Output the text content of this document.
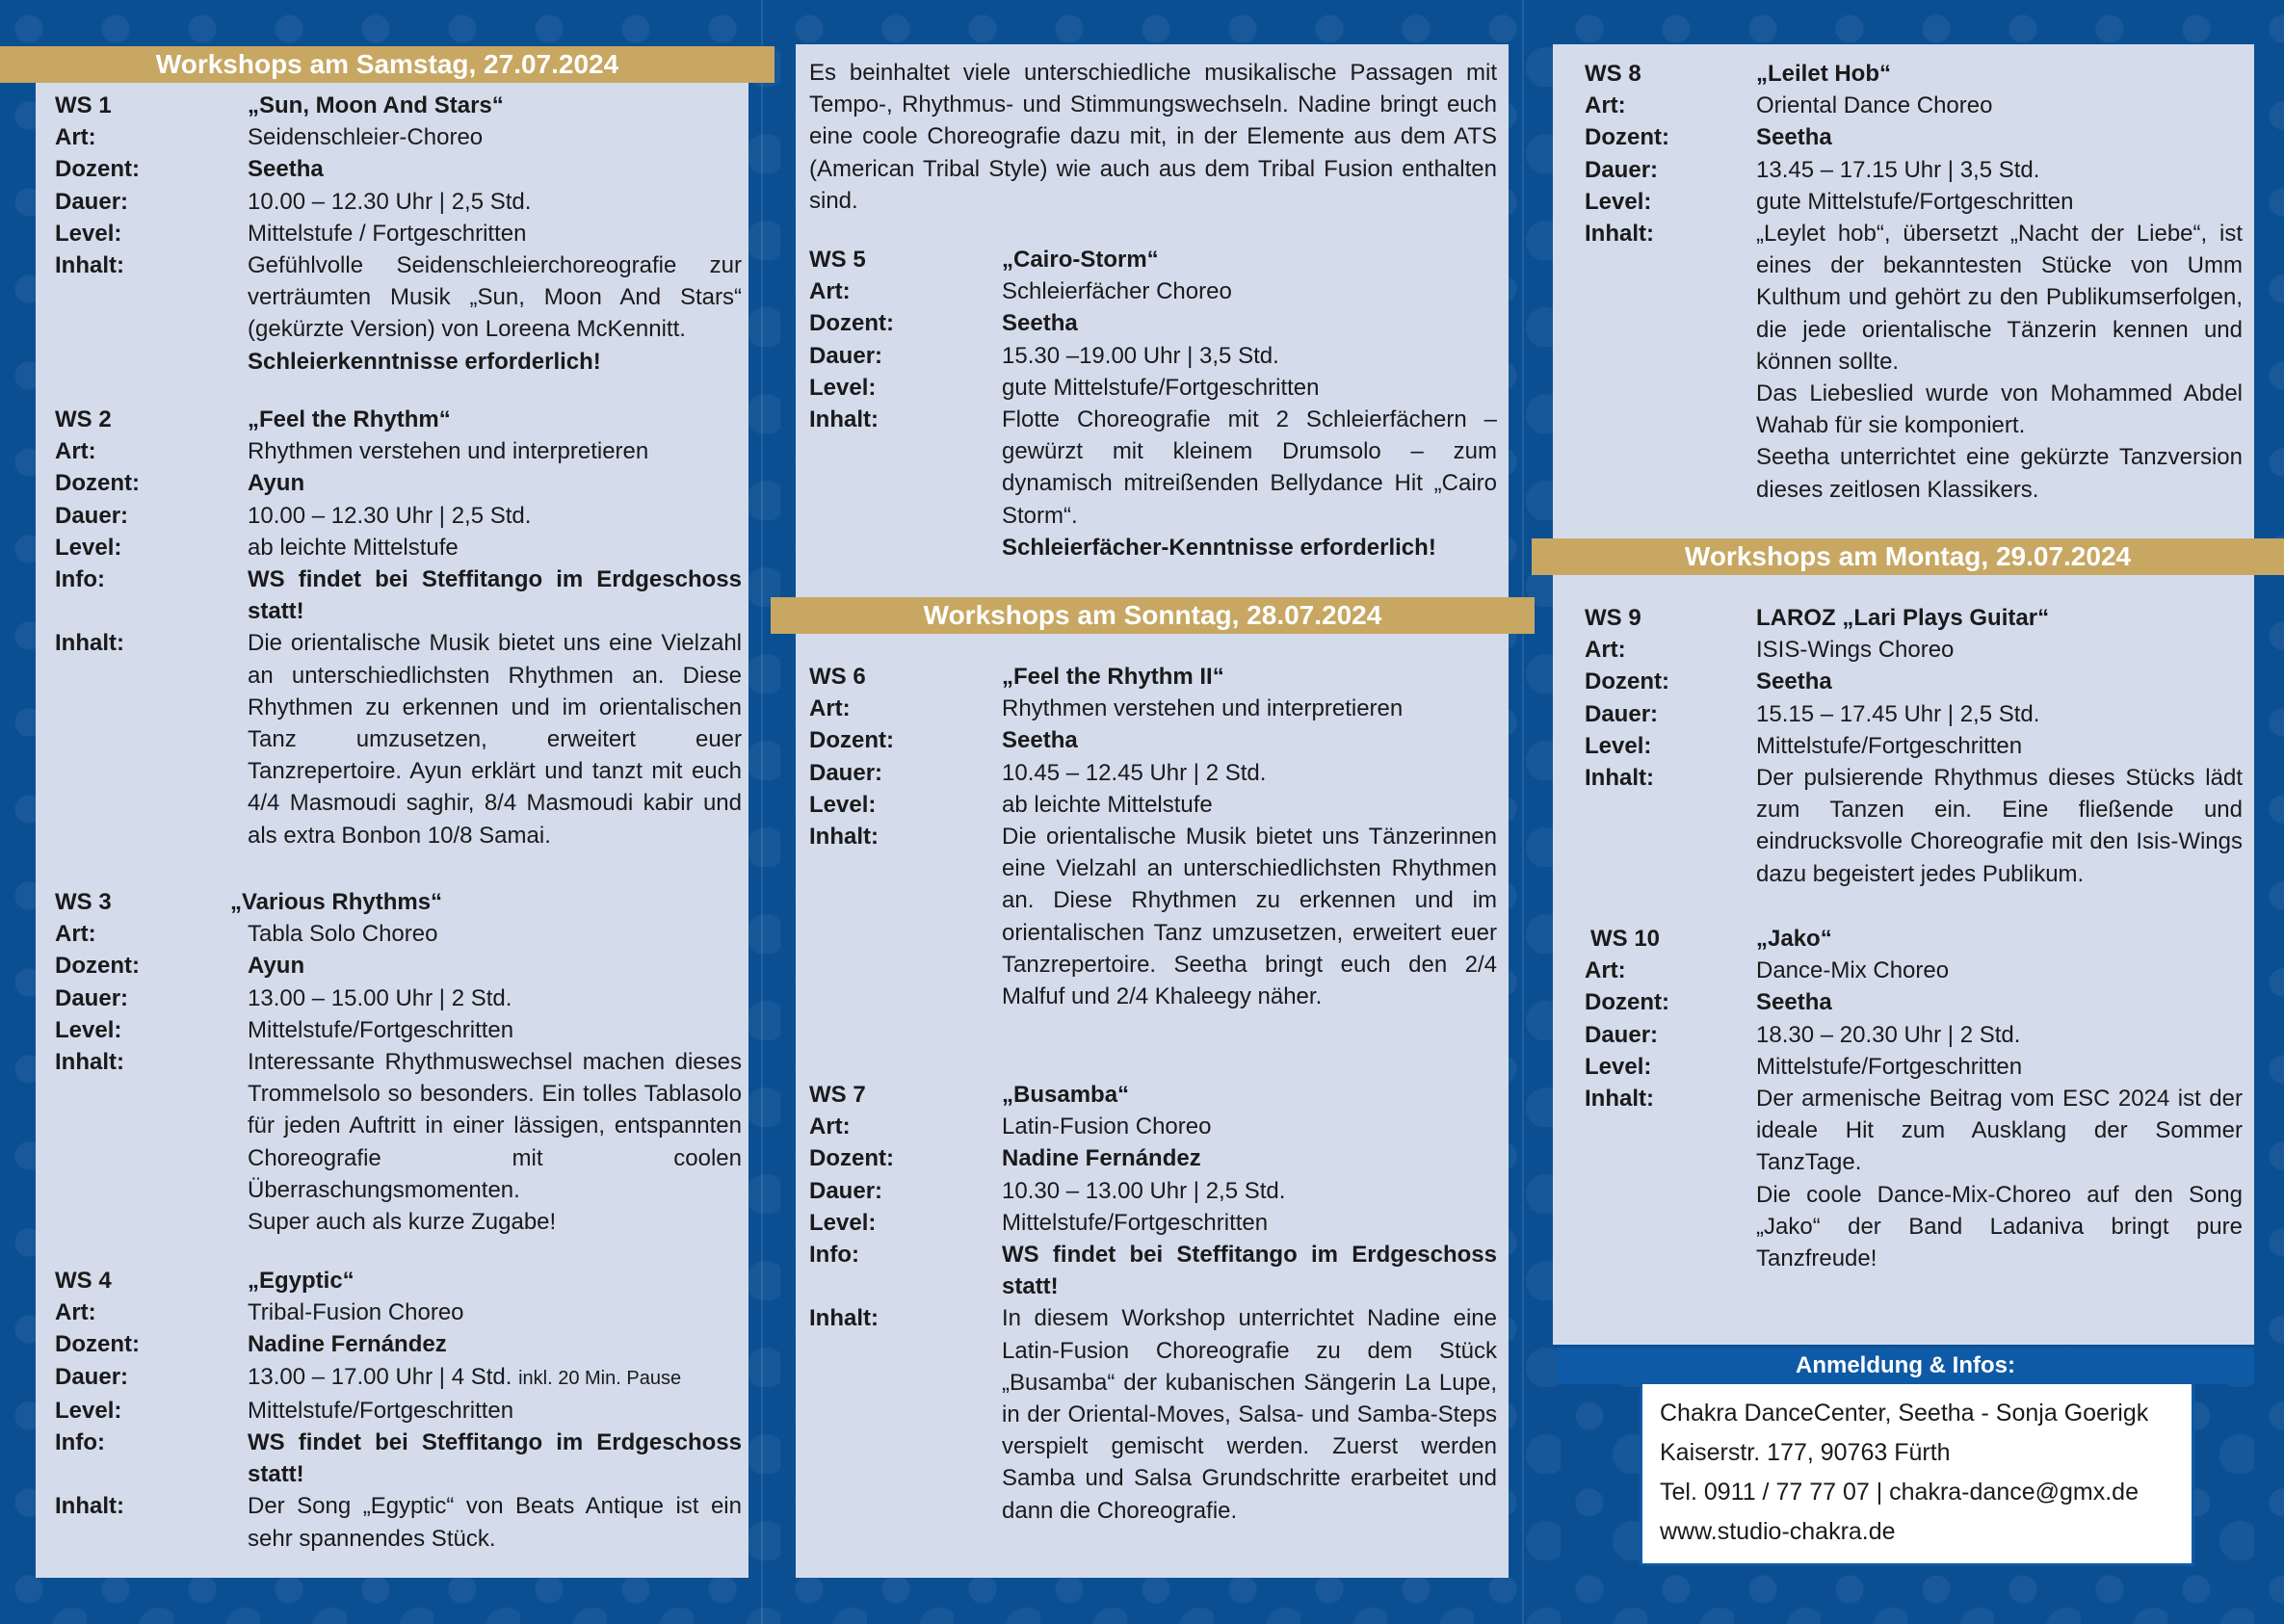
Workshops am Samstag, 27.07.2024
Workshops am Sonntag, 28.07.2024
Workshops am Montag, 29.07.2024
WS 1	„Sun, Moon And Stars“
Art:	Seidenschleier-Choreo
Dozent:	Seetha
Dauer:	10.00 – 12.30 Uhr | 2,5 Std.
Level:	Mittelstufe / Fortgeschritten
Inhalt:	Gefühlvolle Seidenschleierchoreografie zur verträumten Musik „Sun, Moon And Stars“ (gekürzte Version) von Loreena McKennitt.
Schleierkenntnisse erforderlich!
WS 2	„Feel the Rhythm“
Art:	Rhythmen verstehen und interpretieren
Dozent:	Ayun
Dauer:	10.00 – 12.30 Uhr | 2,5 Std.
Level:	ab leichte Mittelstufe
Info:	WS findet bei Steffitango im Erdgeschoss statt!
Inhalt:	Die orientalische Musik bietet uns eine Vielzahl an unterschiedlichsten Rhythmen an. Diese Rhythmen zu erkennen und im orientalischen Tanz umzusetzen, erweitert euer Tanzrepertoire. Ayun erklärt und tanzt mit euch 4/4 Masmoudi saghir, 8/4 Masmoudi kabir und als extra Bonbon 10/8 Samai.
WS 3	„Various Rhythms“
Art:	Tabla Solo Choreo
Dozent:	Ayun
Dauer:	13.00 – 15.00 Uhr | 2 Std.
Level:	Mittelstufe/Fortgeschritten
Inhalt:	Interessante Rhythmuswechsel machen dieses Trommelsolo so besonders. Ein tolles Tablasolo für jeden Auftritt in einer lässigen, entspannten Choreografie mit coolen Überraschungsmomenten.
Super auch als kurze Zugabe!
WS 4	„Egyptic“
Art:	Tribal-Fusion Choreo
Dozent:	Nadine Fernández
Dauer:	13.00 – 17.00 Uhr | 4 Std. inkl. 20 Min. Pause
Level:	Mittelstufe/Fortgeschritten
Info:	WS findet bei Steffitango im Erdgeschoss statt!
Inhalt:	Der Song „Egyptic“ von Beats Antique ist ein sehr spannendes Stück.
Es beinhaltet viele unterschiedliche musikalische Passagen mit Tempo-, Rhythmus- und Stimmungswechseln. Nadine bringt euch eine coole Choreografie dazu mit, in der Elemente aus dem ATS (American Tribal Style) wie auch aus dem Tribal Fusion enthalten sind.
WS 5	„Cairo-Storm“
Art:	Schleierfächer Choreo
Dozent:	Seetha
Dauer:	15.30 –19.00 Uhr | 3,5 Std.
Level:	gute Mittelstufe/Fortgeschritten
Inhalt:	Flotte Choreografie mit 2 Schleierfächern – gewürzt mit kleinem Drumsolo – zum dynamisch mitreißenden Bellydance Hit „Cairo Storm“.
Schleierfächer-Kenntnisse erforderlich!
WS 6	„Feel the Rhythm II“
Art:	Rhythmen verstehen und interpretieren
Dozent:	Seetha
Dauer:	10.45 – 12.45 Uhr | 2 Std.
Level:	ab leichte Mittelstufe
Inhalt:	Die orientalische Musik bietet uns Tänzerinnen eine Vielzahl an unterschiedlichsten Rhythmen an. Diese Rhythmen zu erkennen und im orientalischen Tanz umzusetzen, erweitert euer Tanzrepertoire. Seetha bringt euch den 2/4 Malfuf und 2/4 Khaleegy näher.
WS 7	„Busamba“
Art:	Latin-Fusion Choreo
Dozent:	Nadine Fernández
Dauer:	10.30 – 13.00 Uhr | 2,5 Std.
Level:	Mittelstufe/Fortgeschritten
Info:	WS findet bei Steffitango im Erdgeschoss statt!
Inhalt:	In diesem Workshop unterrichtet Nadine eine Latin-Fusion Choreografie zu dem Stück „Busamba“ der kubanischen Sängerin La Lupe, in der Oriental-Moves, Salsa- und Samba-Steps verspielt gemischt werden. Zuerst werden Samba und Salsa Grundschritte erarbeitet und dann die Choreografie.
WS 8	„Leilet Hob“
Art:	Oriental Dance Choreo
Dozent:	Seetha
Dauer:	13.45 – 17.15 Uhr | 3,5 Std.
Level:	gute Mittelstufe/Fortgeschritten
Inhalt:	„Leylet hob“, übersetzt „Nacht der Liebe“, ist eines der bekanntesten Stücke von Umm Kulthum und gehört zu den Publikumserfolgen, die jede orientalische Tänzerin kennen und können sollte.
Das Liebeslied wurde von Mohammed Abdel Wahab für sie komponiert.
Seetha unterrichtet eine gekürzte Tanzversion dieses zeitlosen Klassikers.
WS 9	LAROZ „Lari Plays Guitar“
Art:	ISIS-Wings Choreo
Dozent:	Seetha
Dauer:	15.15 – 17.45 Uhr | 2,5 Std.
Level:	Mittelstufe/Fortgeschritten
Inhalt:	Der pulsierende Rhythmus dieses Stücks lädt zum Tanzen ein. Eine fließende und eindrucksvolle Choreografie mit den Isis-Wings dazu begeistert jedes Publikum.
WS 10	„Jako“
Art:	Dance-Mix Choreo
Dozent:	Seetha
Dauer:	18.30 – 20.30 Uhr | 2 Std.
Level:	Mittelstufe/Fortgeschritten
Inhalt:	Der armenische Beitrag vom ESC 2024 ist der ideale Hit zum Ausklang der Sommer TanzTage.
Die coole Dance-Mix-Choreo auf den Song „Jako“ der Band Ladaniva bringt pure Tanzfreude!
Anmeldung & Infos:
Chakra DanceCenter, Seetha - Sonja Goerigk
Kaiserstr. 177, 90763 Fürth
Tel. 0911 / 77 77 07 | chakra-dance@gmx.de
www.studio-chakra.de
